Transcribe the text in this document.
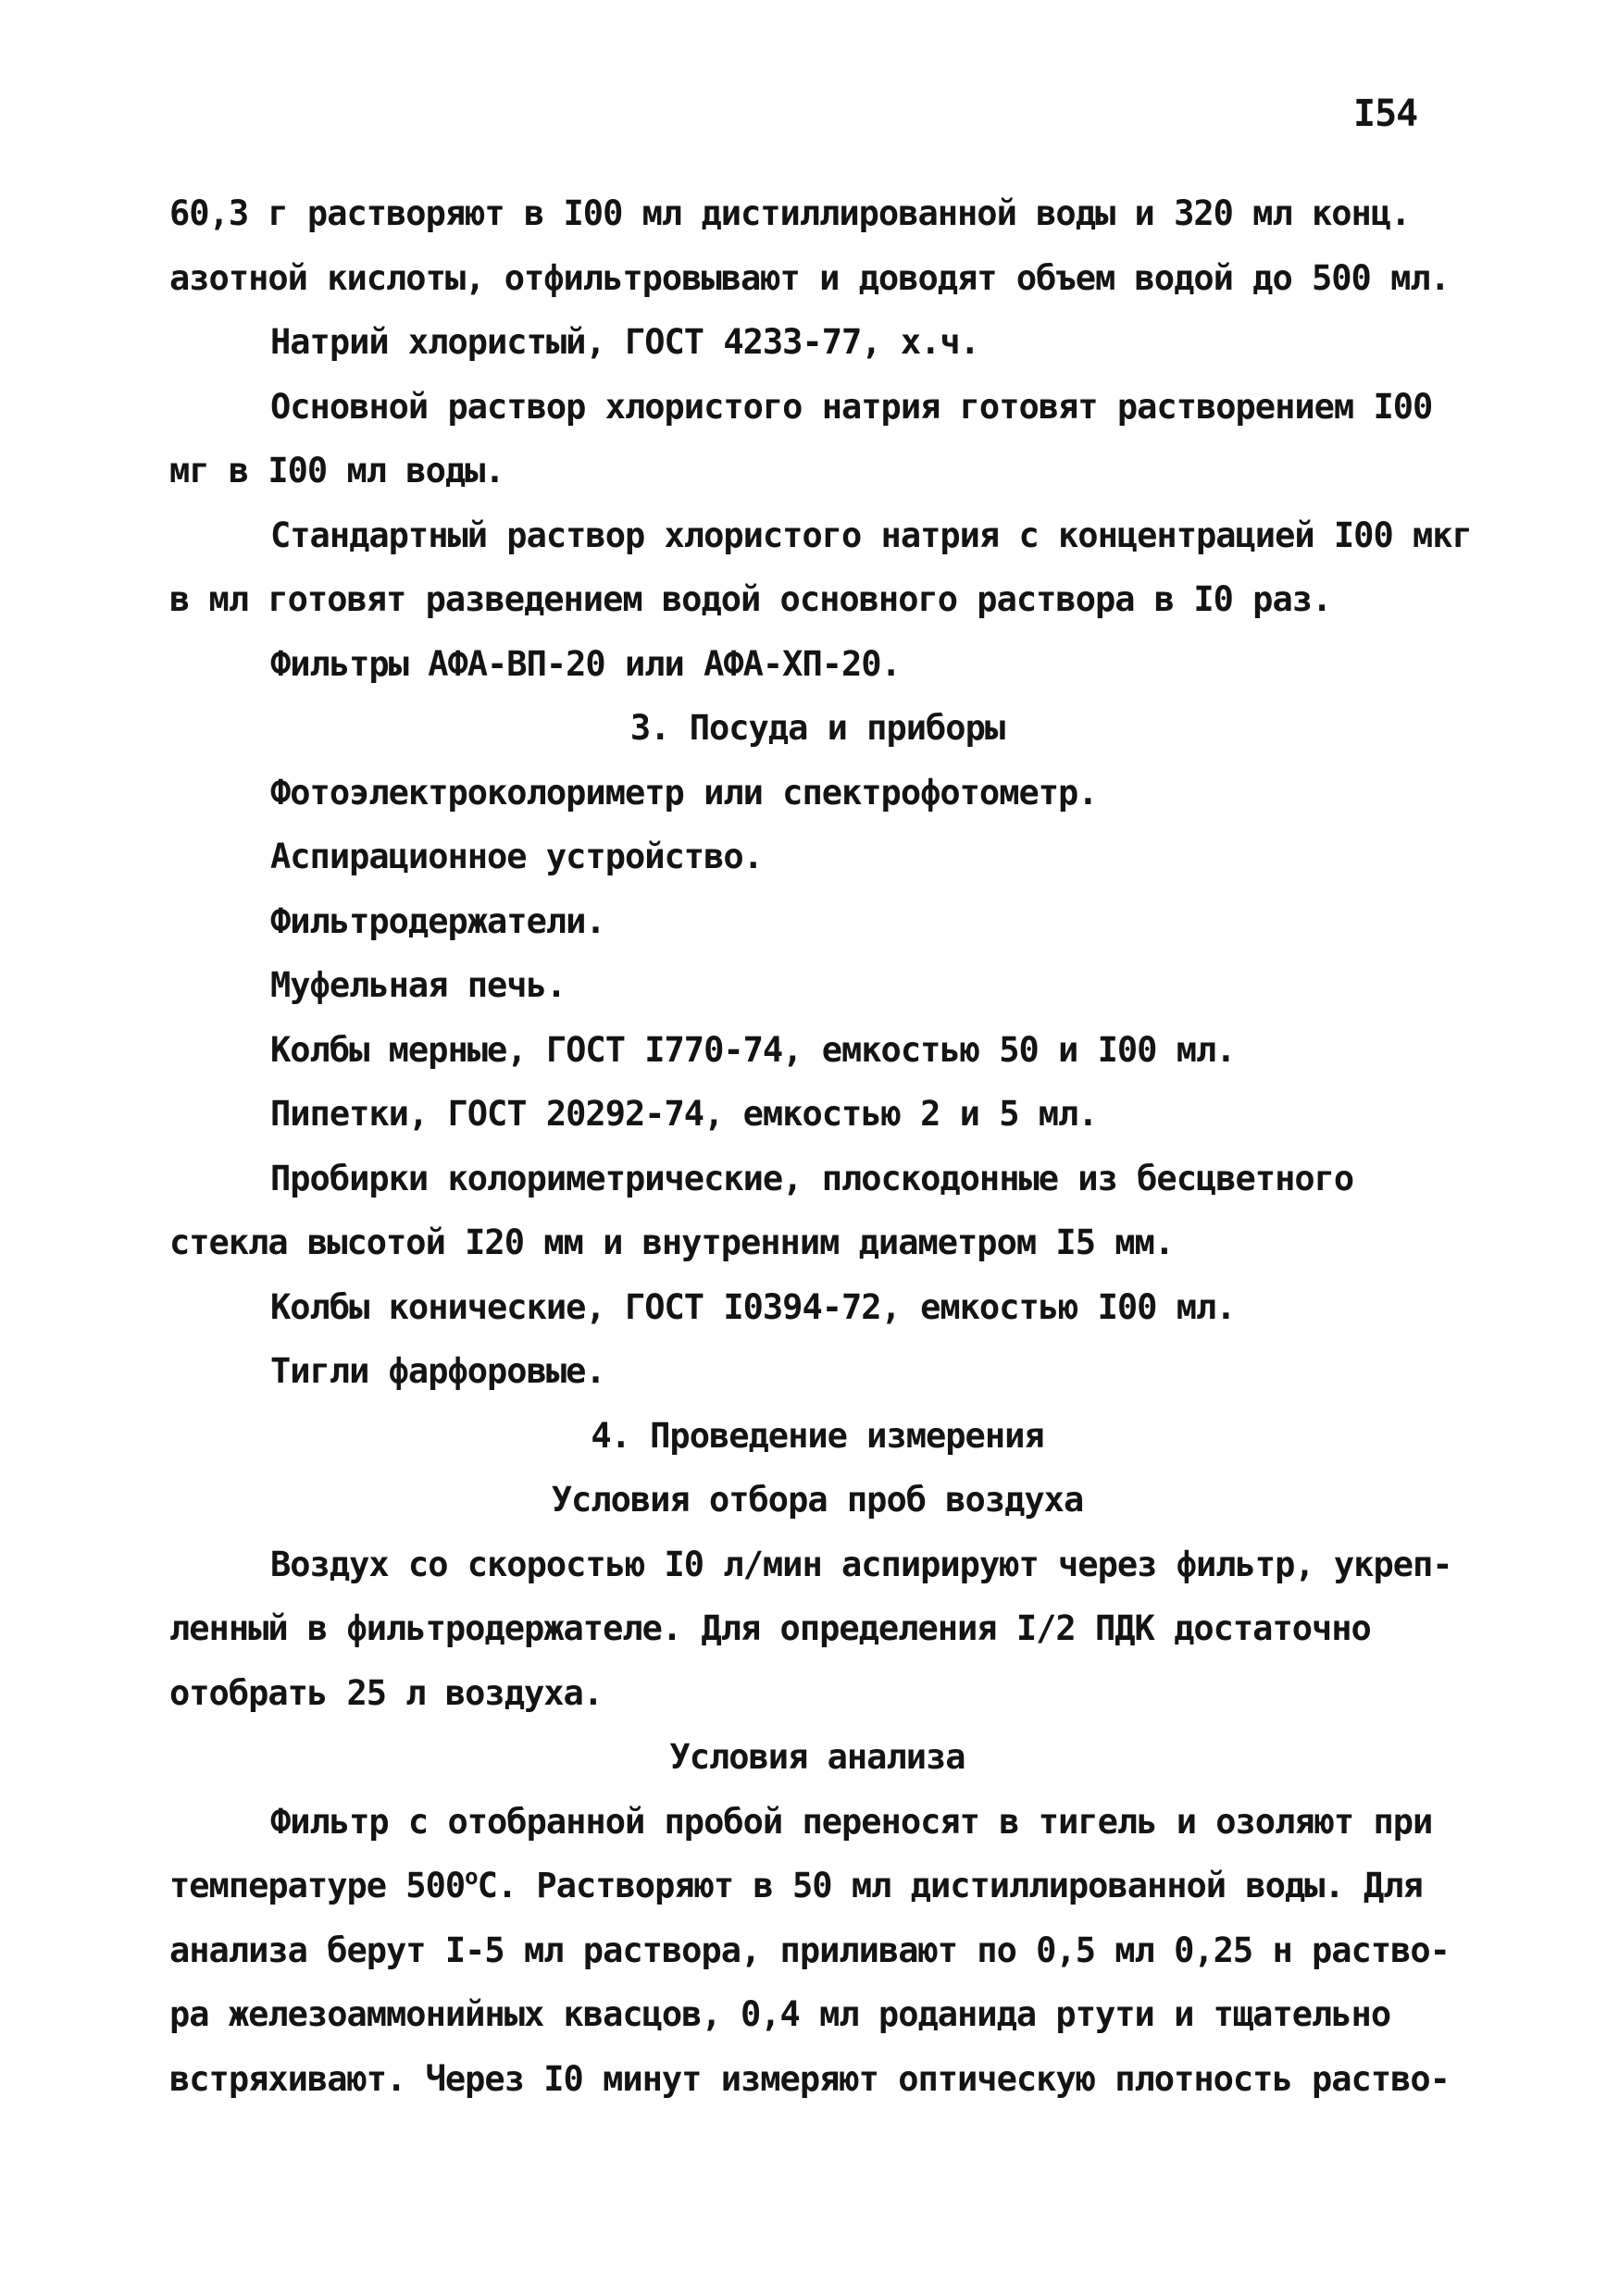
I54
60,3 г растворяют в I00 мл дистиллированной воды и 320 мл конц.
азотной кислоты, отфильтровывают и доводят объем водой до 500 мл.
Натрий хлористый, ГОСТ 4233-77, х.ч.
Основной раствор хлористого натрия готовят растворением I00
мг в I00 мл воды.
Стандартный раствор хлористого натрия с концентрацией I00 мкг
в мл готовят разведением водой основного раствора в I0 раз.
Фильтры АФА-ВП-20 или АФА-ХП-20.
3. Посуда и приборы
Фотоэлектроколориметр или спектрофотометр.
Аспирационное устройство.
Фильтродержатели.
Муфельная печь.
Колбы мерные, ГОСТ I770-74, емкостью 50 и I00 мл.
Пипетки, ГОСТ 20292-74, емкостью 2 и 5 мл.
Пробирки колориметрические, плоскодонные из бесцветного
стекла высотой I20 мм и внутренним диаметром I5 мм.
Колбы конические, ГОСТ I0394-72, емкостью I00 мл.
Тигли фарфоровые.
4. Проведение измерения
Условия отбора проб воздуха
Воздух со скоростью I0 л/мин аспирируют через фильтр, укреп-
ленный в фильтродержателе. Для определения I/2 ПДК достаточно
отобрать 25 л воздуха.
Условия анализа
Фильтр с отобранной пробой переносят в тигель и озоляют при
температуре 500$^o$С. Растворяют в 50 мл дистиллированной воды. Для
анализа берут I-5 мл раствора, приливают по 0,5 мл 0,25 н раство-
ра железоаммонийных квасцов, 0,4 мл роданида ртути и тщательно
встряхивают. Через I0 минут измеряют оптическую плотность раство-
